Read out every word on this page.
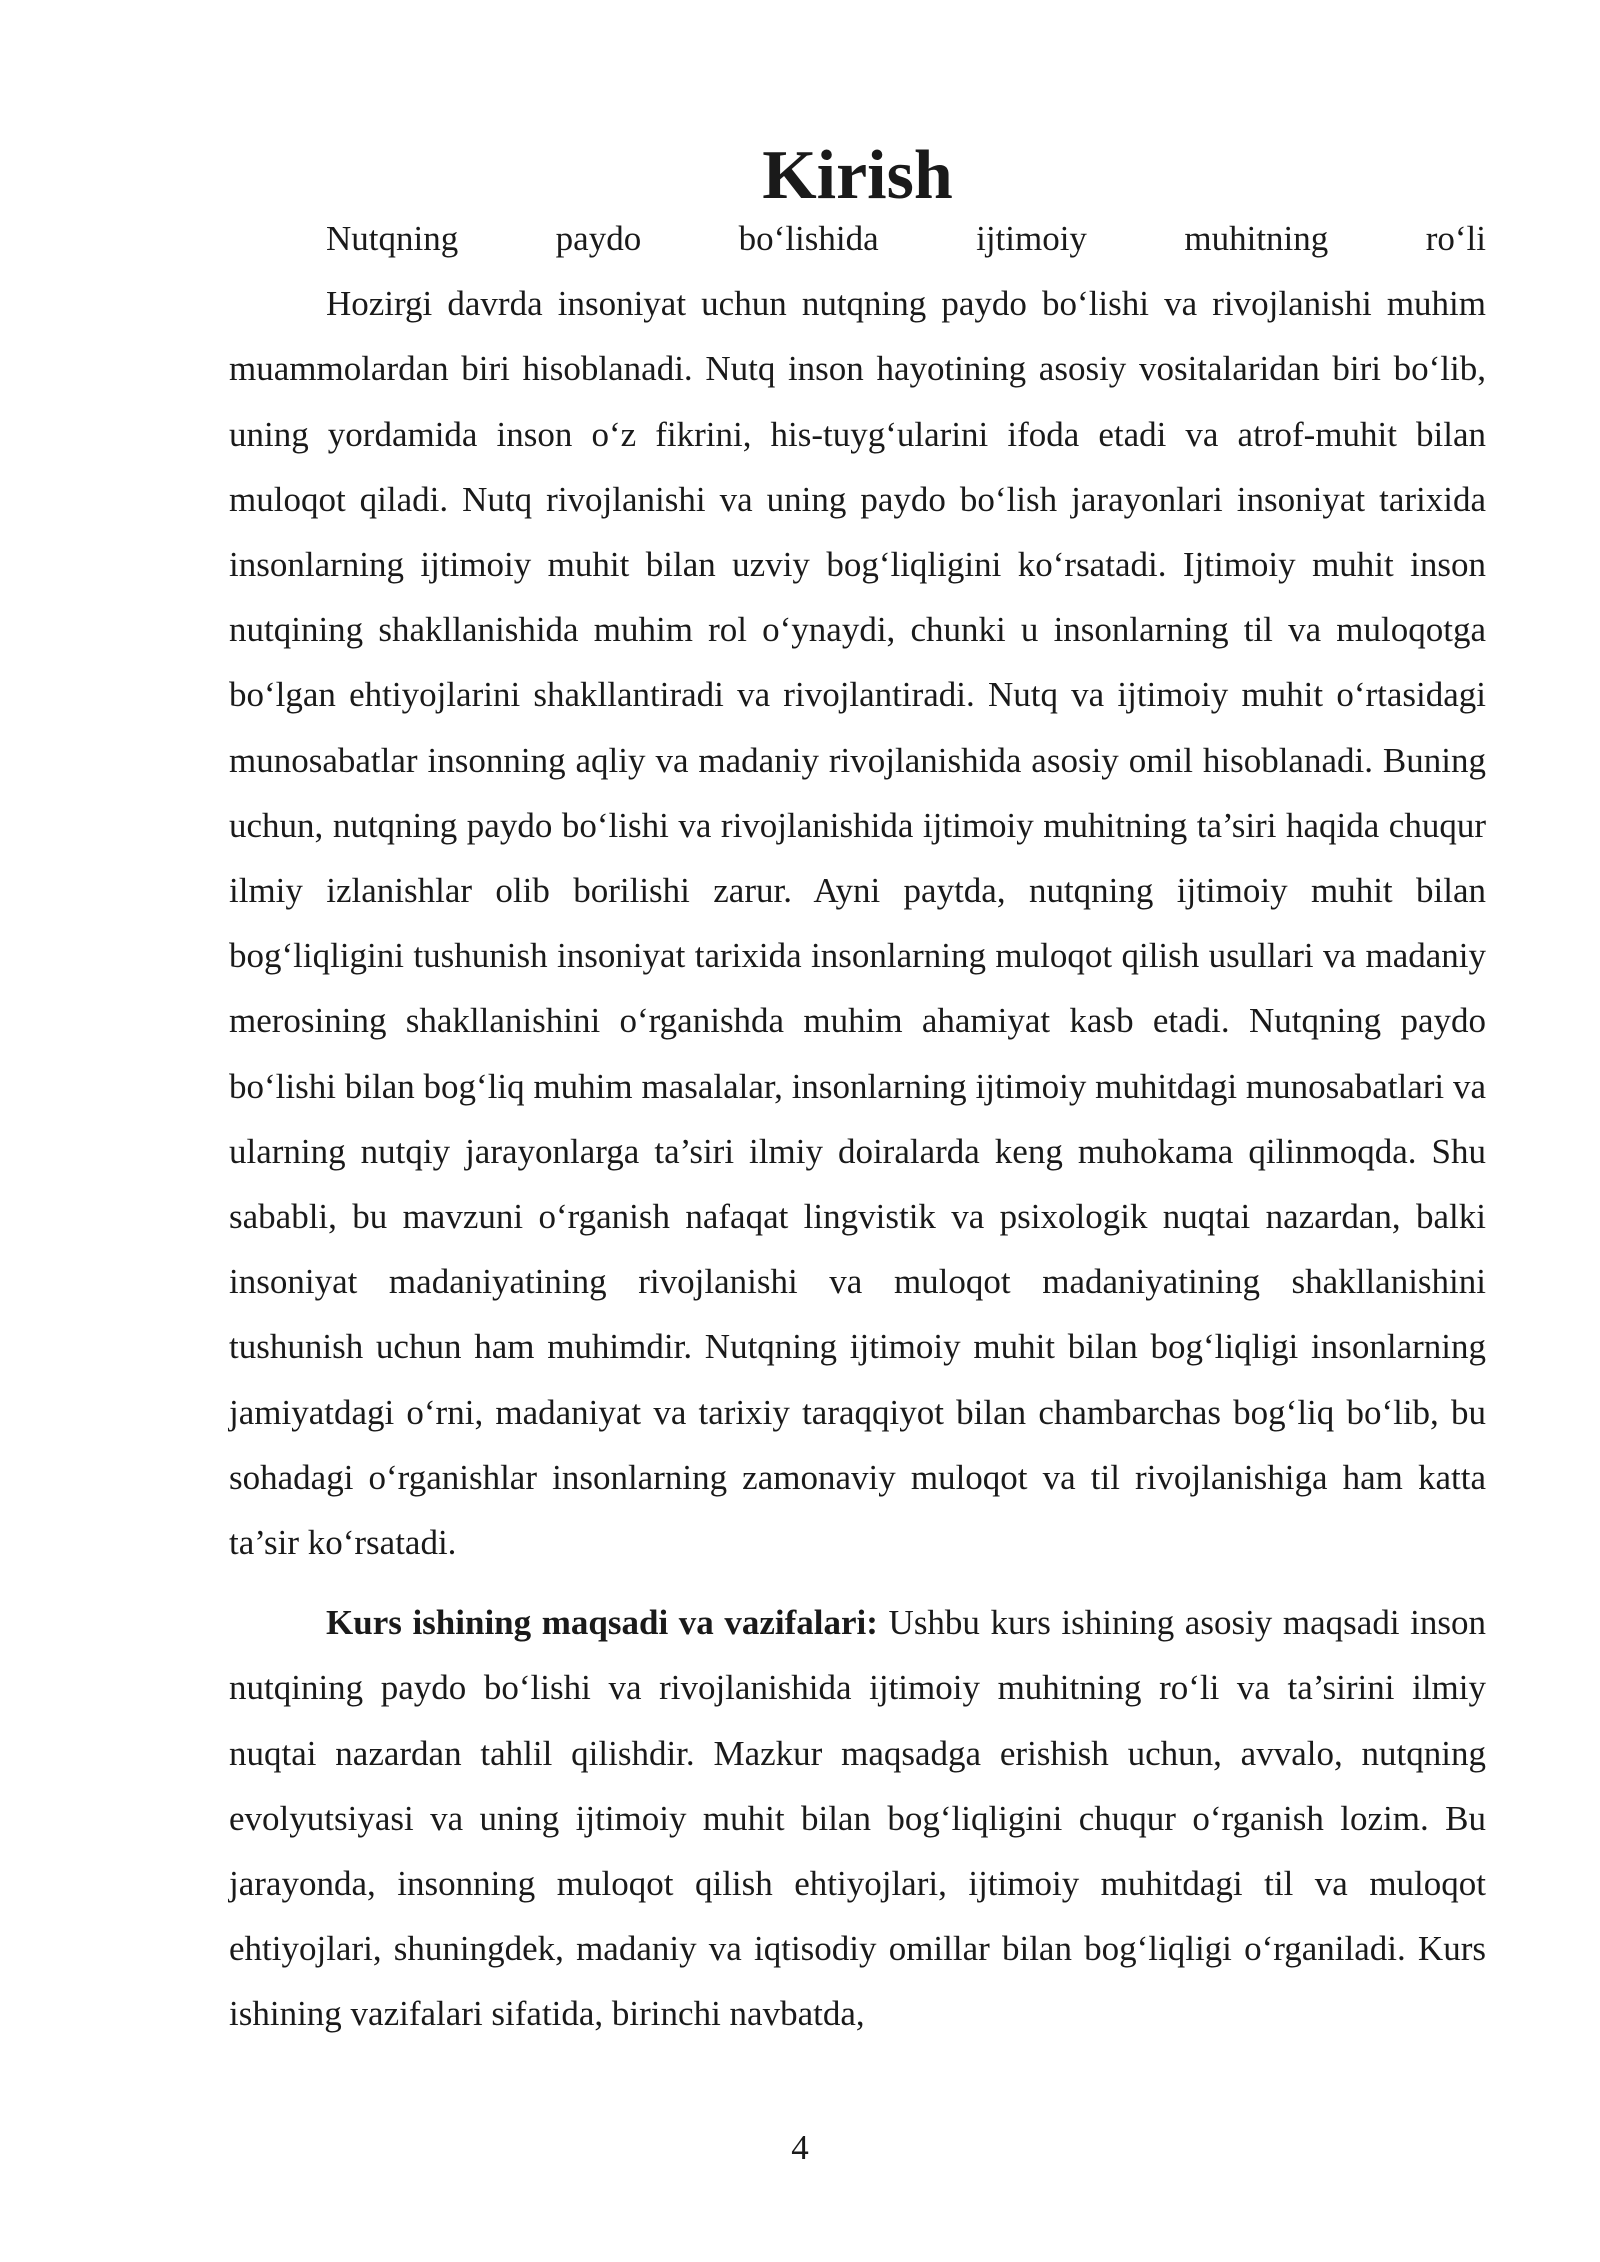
Kirish

Nutqning paydo bo‘lishida ijtimoiy muhitning ro‘li

Hozirgi davrda insoniyat uchun nutqning paydo bo‘lishi va rivojlanishi muhim muammolardan biri hisoblanadi. Nutq inson hayotining asosiy vositalaridan biri bo‘lib, uning yordamida inson o‘z fikrini, his-tuyg‘ularini ifoda etadi va atrof-muhit bilan muloqot qiladi. Nutq rivojlanishi va uning paydo bo‘lish jarayonlari insoniyat tarixida insonlarning ijtimoiy muhit bilan uzviy bog‘liqligini ko‘rsatadi. Ijtimoiy muhit inson nutqining shakllanishida muhim rol o‘ynaydi, chunki u insonlarning til va muloqotga bo‘lgan ehtiyojlarini shakllantiradi va rivojlantiradi. Nutq va ijtimoiy muhit o‘rtasidagi munosabatlar insonning aqliy va madaniy rivojlanishida asosiy omil hisoblanadi. Buning uchun, nutqning paydo bo‘lishi va rivojlanishida ijtimoiy muhitning ta’siri haqida chuqur ilmiy izlanishlar olib borilishi zarur. Ayni paytda, nutqning ijtimoiy muhit bilan bog‘liqligini tushunish insoniyat tarixida insonlarning muloqot qilish usullari va madaniy merosining shakllanishini o‘rganishda muhim ahamiyat kasb etadi. Nutqning paydo bo‘lishi bilan bog‘liq muhim masalalar, insonlarning ijtimoiy muhitdagi munosabatlari va ularning nutqiy jarayonlarga ta’siri ilmiy doiralarda keng muhokama qilinmoqda. Shu sababli, bu mavzuni o‘rganish nafaqat lingvistik va psixologik nuqtai nazardan, balki insoniyat madaniyatining rivojlanishi va muloqot madaniyatining shakllanishini tushunish uchun ham muhimdir. Nutqning ijtimoiy muhit bilan bog‘liqligi insonlarning jamiyatdagi o‘rni, madaniyat va tarixiy taraqqiyot bilan chambarchas bog‘liq bo‘lib, bu sohadagi o‘rganishlar insonlarning zamonaviy muloqot va til rivojlanishiga ham katta ta’sir ko‘rsatadi.

Kurs ishining maqsadi va vazifalari: Ushbu kurs ishining asosiy maqsadi inson nutqining paydo bo‘lishi va rivojlanishida ijtimoiy muhitning ro‘li va ta’sirini ilmiy nuqtai nazardan tahlil qilishdir. Mazkur maqsadga erishish uchun, avvalo, nutqning evolyutsiyasi va uning ijtimoiy muhit bilan bog‘liqligini chuqur o‘rganish lozim. Bu jarayonda, insonning muloqot qilish ehtiyojlari, ijtimoiy muhitdagi til va muloqot ehtiyojlari, shuningdek, madaniy va iqtisodiy omillar bilan bog‘liqligi o‘rganiladi. Kurs ishining vazifalari sifatida, birinchi navbatda,

4
